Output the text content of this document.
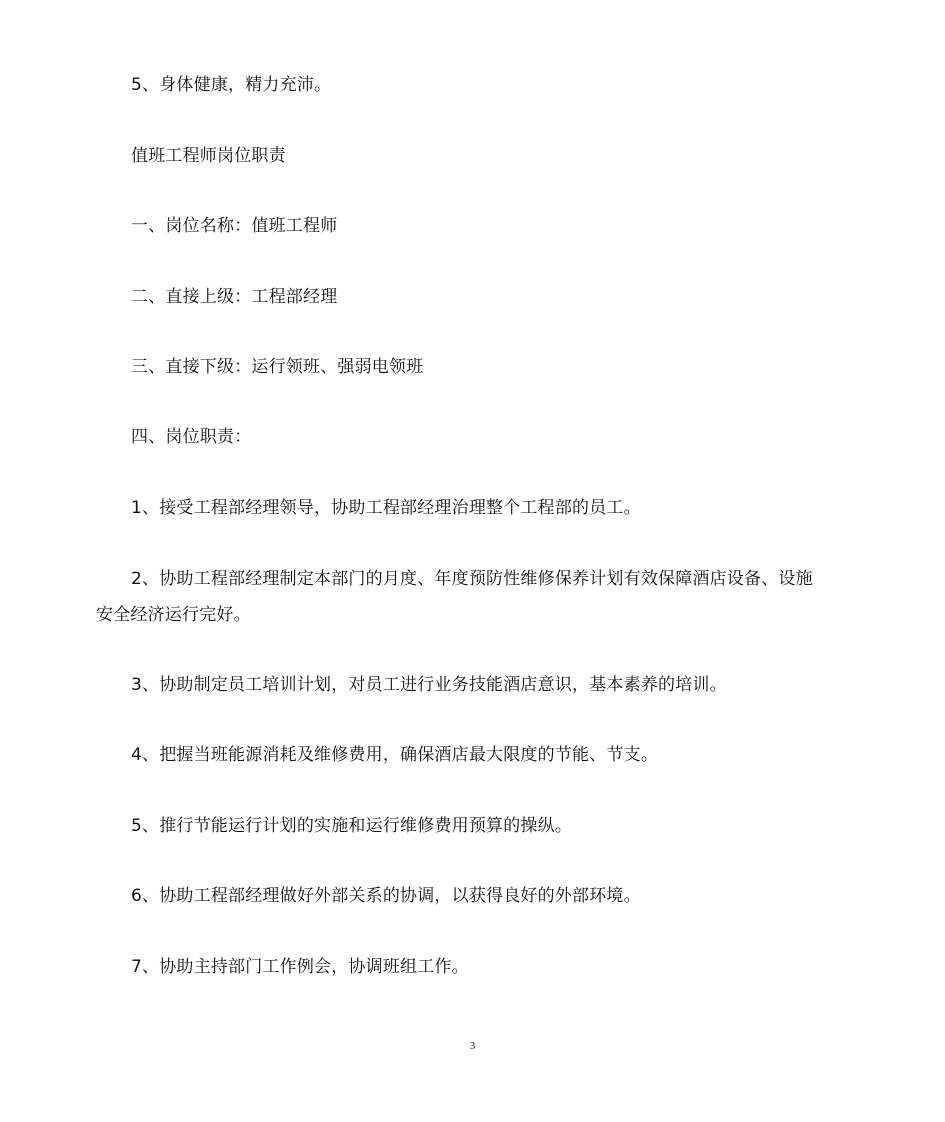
5、身体健康，精力充沛。
值班工程师岗位职责
一、岗位名称：值班工程师
二、直接上级：工程部经理
三、直接下级：运行领班、强弱电领班
四、岗位职责：
1、接受工程部经理领导，协助工程部经理治理整个工程部的员工。
2、协助工程部经理制定本部门的月度、年度预防性维修保养计划有效保障酒店设备、设施
安全经济运行完好。
3、协助制定员工培训计划，对员工进行业务技能酒店意识，基本素养的培训。
4、把握当班能源消耗及维修费用，确保酒店最大限度的节能、节支。
5、推行节能运行计划的实施和运行维修费用预算的操纵。
6、协助工程部经理做好外部关系的协调，以获得良好的外部环境。
7、协助主持部门工作例会，协调班组工作。
3
